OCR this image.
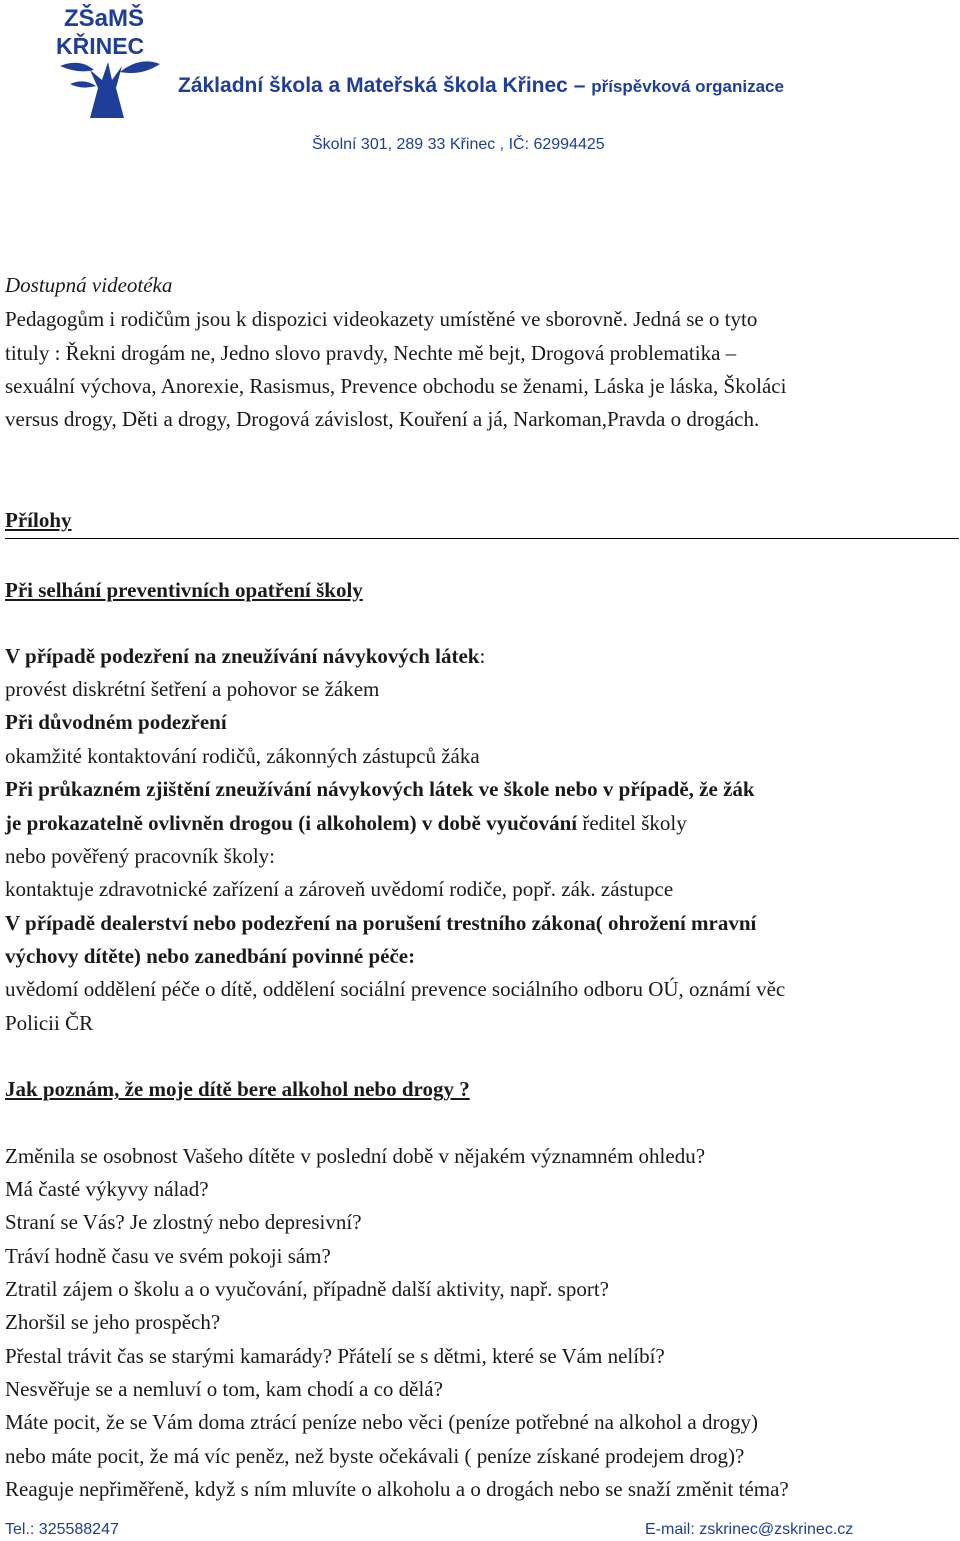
ZŠaMŠ
KŘINEC
Základní škola a Mateřská škola Křinec – příspěvková organizace
Školní 301, 289 33 Křinec , IČ: 62994425
Dostupná videotéka
Pedagogům i rodičům jsou k dispozici videokazety umístěné ve sborovně. Jedná se o tyto
tituly : Řekni drogám ne, Jedno slovo pravdy, Nechte mě bejt, Drogová problematika –
sexuální výchova, Anorexie, Rasismus, Prevence obchodu se ženami, Láska je láska, Školáci
versus drogy, Děti a drogy, Drogová závislost, Kouření a já, Narkoman,Pravda o drogách.
Přílohy
Při selhání preventivních opatření školy
V případě podezření na zneužívání návykových látek:
provést diskrétní šetření a pohovor se žákem
Při důvodném podezření
okamžité kontaktování rodičů, zákonných zástupců žáka
Při průkazném zjištění zneužívání návykových látek ve škole nebo v případě, že žák
je prokazatelně ovlivněn drogou (i alkoholem) v době vyučování ředitel školy
nebo pověřený pracovník školy:
kontaktuje zdravotnické zařízení a zároveň uvědomí rodiče, popř. zák. zástupce
V případě dealerství nebo podezření na porušení trestního zákona( ohrožení mravní
výchovy dítěte) nebo zanedbání povinné péče:
uvědomí oddělení péče o dítě, oddělení sociální prevence sociálního odboru OÚ, oznámí věc
Policii ČR
Jak poznám, že moje dítě bere alkohol nebo drogy ?
Změnila se osobnost Vašeho dítěte v poslední době v nějakém významném ohledu?
Má časté výkyvy nálad?
Straní se Vás? Je zlostný nebo depresivní?
Tráví hodně času ve svém pokoji sám?
Ztratil zájem o školu a o vyučování, případně další aktivity, např. sport?
Zhoršil se jeho prospěch?
Přestal trávit čas se starými kamarády? Přátelí se s dětmi, které se Vám nelíbí?
Nesvěřuje se a nemluví o tom, kam chodí a co dělá?
Máte pocit, že se Vám doma ztrácí peníze nebo věci (peníze potřebné na alkohol a drogy)
nebo máte pocit, že má víc peněz, než byste očekávali ( peníze získané prodejem drog)?
Reaguje nepřiměřeně, když s ním mluvíte o alkoholu a o drogách nebo se snaží změnit téma?
Tel.: 325588247	E-mail: zskrinec@zskrinec.cz
